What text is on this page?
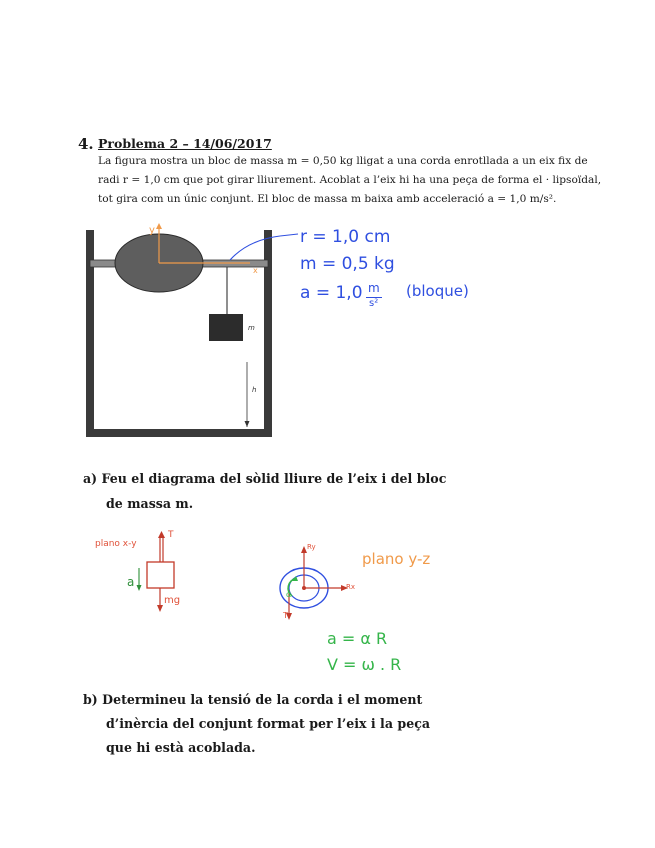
4. Problema 2 – 14/06/2017
La figura mostra un bloc de massa m = 0,50 kg lligat a una corda enrotllada a un eix fix de
radi r = 1,0 cm que pot girar lliurement. Acoblat a l’eix hi ha una peça de forma el · lipsoïdal,
tot gira com un únic conjunt. El bloc de massa m baixa amb acceleració a = 1,0 m/s².
m
h
y
x
r = 1,0 cm
m = 0,5 kg
a = 1,0 m
s²
(bloque)
a) Feu el diagrama del sòlid lliure de l’eix i del bloc
de massa m.
plano x-y
T
mg
a
Ry
Rx
T
α
plano y-z
a = α R
V = ω . R
b) Determineu la tensió de la corda i el moment
d’inèrcia del conjunt format per l’eix i la peça
que hi està acoblada.
